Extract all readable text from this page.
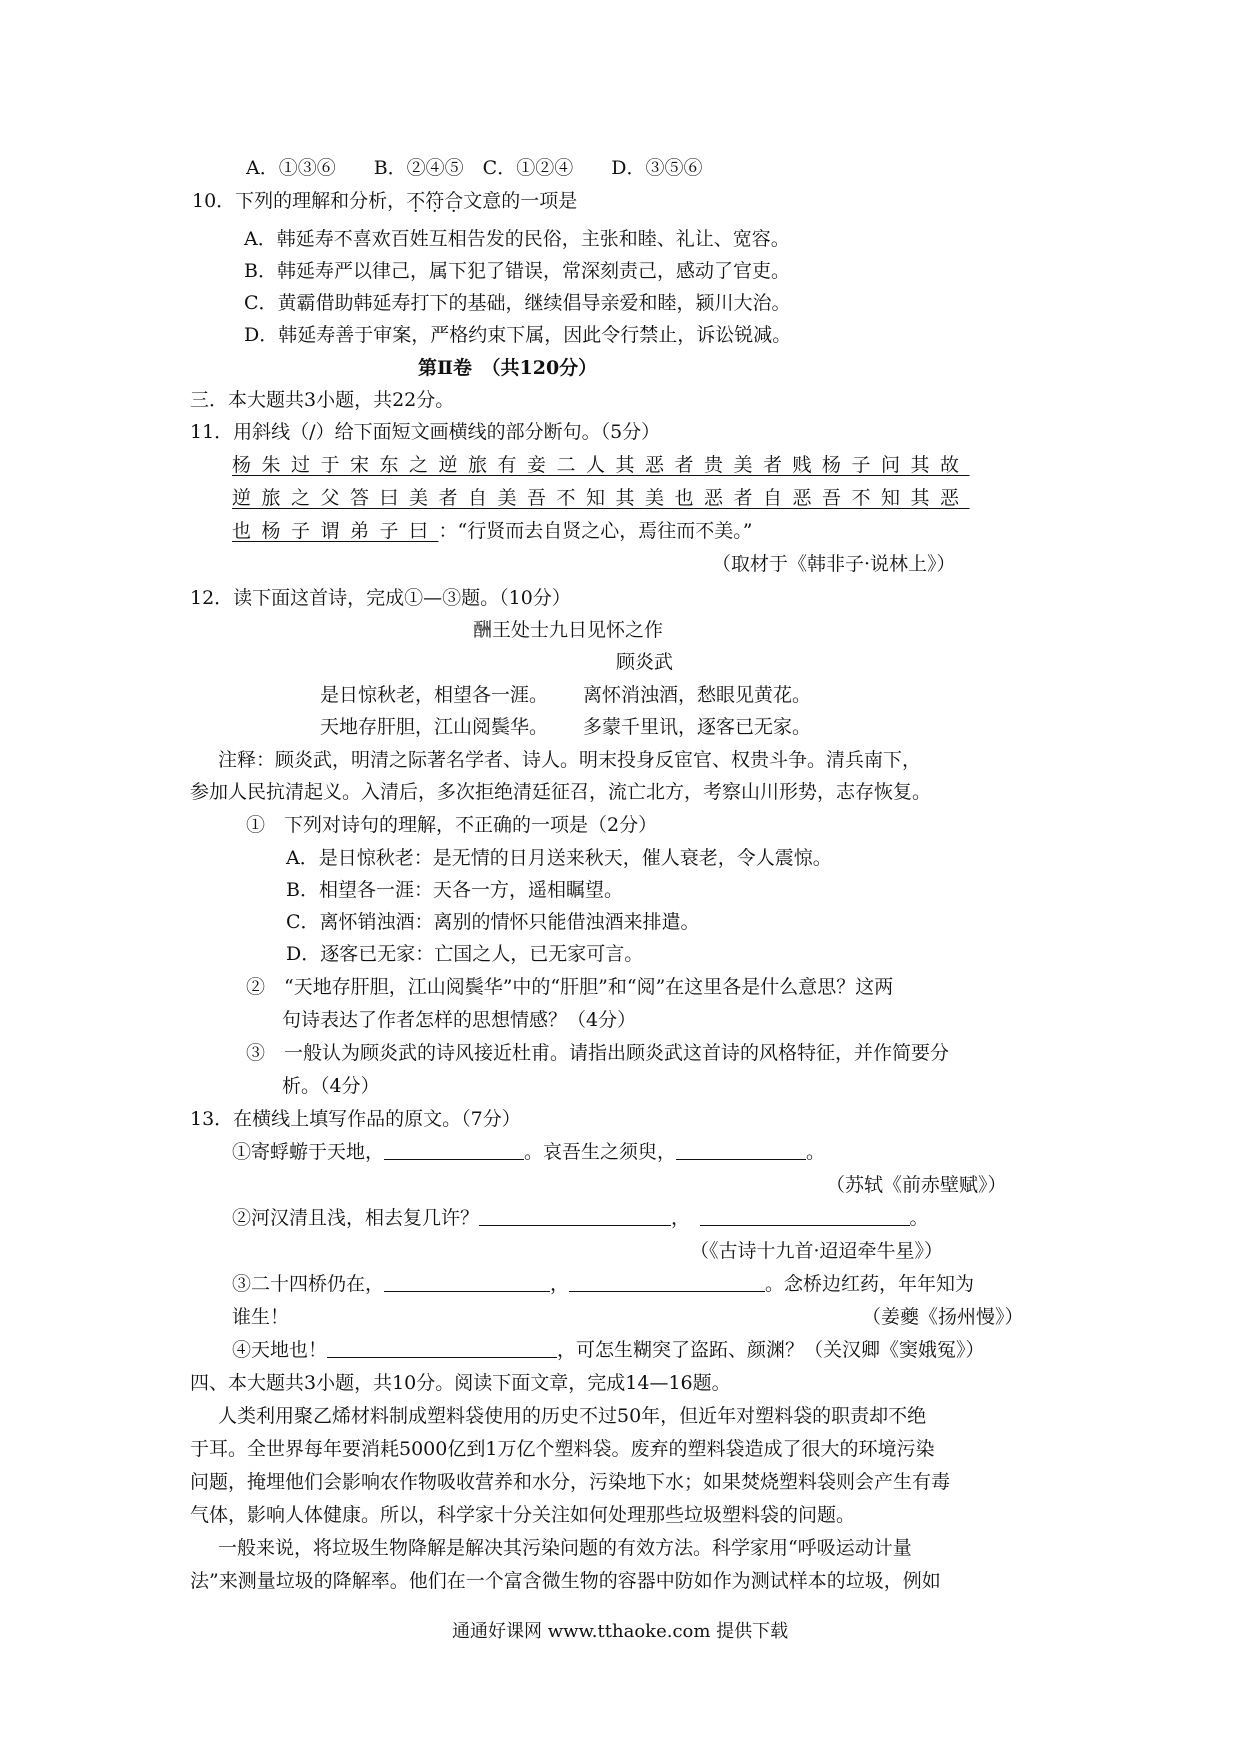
A．①③⑥　　B．②④⑤　C．①②④　　D．③⑤⑥
10．下列的理解和分析，不符合文意的一项是
A．韩延寿不喜欢百姓互相告发的民俗，主张和睦、礼让、宽容。
B．韩延寿严以律己，属下犯了错误，常深刻责己，感动了官吏。
C．黄霸借助韩延寿打下的基础，继续倡导亲爱和睦，颍川大治。
D．韩延寿善于审案，严格约束下属，因此令行禁止，诉讼锐减。
第Ⅱ卷　（共120分）
三．本大题共3小题，共22分。
11．用斜线（/）给下面短文画横线的部分断句。（5分）
杨朱过于宋东之逆旅有妾二人其恶者贵美者贱杨子问其故
逆旅之父答曰美者自美吾不知其美也恶者自恶吾不知其恶
也杨子谓弟子曰：“行贤而去自贤之心，焉往而不美。”
（取材于《韩非子·说林上》）
12．读下面这首诗，完成①—③题。（10分）
酬王处士九日见怀之作
顾炎武
是日惊秋老，相望各一涯。 离怀消浊酒，愁眼见黄花。
天地存肝胆，江山阅鬓华。 多蒙千里讯，逐客已无家。
注释：顾炎武，明清之际著名学者、诗人。明末投身反宦官、权贵斗争。清兵南下，
参加人民抗清起义。入清后，多次拒绝清廷征召，流亡北方，考察山川形势，志存恢复。
①　下列对诗句的理解，不正确的一项是（2分）
A．是日惊秋老：是无情的日月送来秋天，催人衰老，令人震惊。
B．相望各一涯：天各一方，遥相瞩望。
C．离怀销浊酒：离别的情怀只能借浊酒来排遣。
D．逐客已无家：亡国之人，已无家可言。
②　“天地存肝胆，江山阅鬓华”中的“肝胆”和“阅”在这里各是什么意思？这两
句诗表达了作者怎样的思想情感？（4分）
③　一般认为顾炎武的诗风接近杜甫。请指出顾炎武这首诗的风格特征，并作简要分
析。（4分）
13．在横线上填写作品的原文。（7分）
①寄蜉蝣于天地，	。哀吾生之须臾，	。
（苏轼《前赤壁赋》）
②河汉清且浅，相去复几许？	，　	。
（《古诗十九首·迢迢牵牛星》）
③二十四桥仍在，	，	。念桥边红药，年年知为
谁生！	（姜夔《扬州慢》）
④天地也！	，可怎生糊突了盗跖、颜渊？（关汉卿《窦娥冤》）
四、本大题共3小题，共10分。阅读下面文章，完成14—16题。
人类利用聚乙烯材料制成塑料袋使用的历史不过50年，但近年对塑料袋的职责却不绝
于耳。全世界每年要消耗5000亿到1万亿个塑料袋。废弃的塑料袋造成了很大的环境污染
问题，掩埋他们会影响农作物吸收营养和水分，污染地下水；如果焚烧塑料袋则会产生有毒
气体，影响人体健康。所以，科学家十分关注如何处理那些垃圾塑料袋的问题。
一般来说，将垃圾生物降解是解决其污染问题的有效方法。科学家用“呼吸运动计量
法”来测量垃圾的降解率。他们在一个富含微生物的容器中防如作为测试样本的垃圾，例如
通通好课网 www.tthaoke.com 提供下载
